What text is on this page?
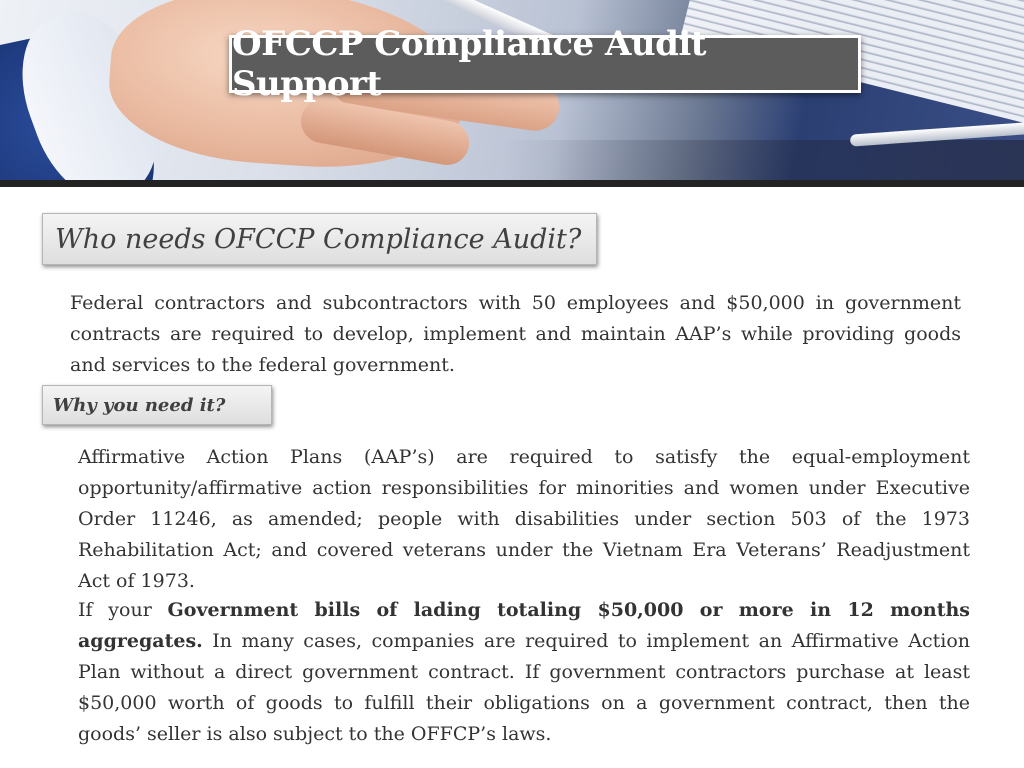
OFCCP Compliance Audit Support
Who needs OFCCP Compliance Audit?

Federal contractors and subcontractors with 50 employees and $50,000 in government contracts are required to develop, implement and maintain AAP’s while providing goods and services to the federal government.

Why you need it?

Affirmative Action Plans (AAP’s) are required to satisfy the equal-employment opportunity/affirmative action responsibilities for minorities and women under Executive Order 11246, as amended; people with disabilities under section 503 of the 1973 Rehabilitation Act; and covered veterans under the Vietnam Era Veterans’ Readjustment Act of 1973.

If your Government bills of lading totaling $50,000 or more in 12 months aggregates. In many cases, companies are required to implement an Affirmative Action Plan without a direct government contract. If government contractors purchase at least $50,000 worth of goods to fulfill their obligations on a government contract, then the goods’ seller is also subject to the OFFCP’s laws.
